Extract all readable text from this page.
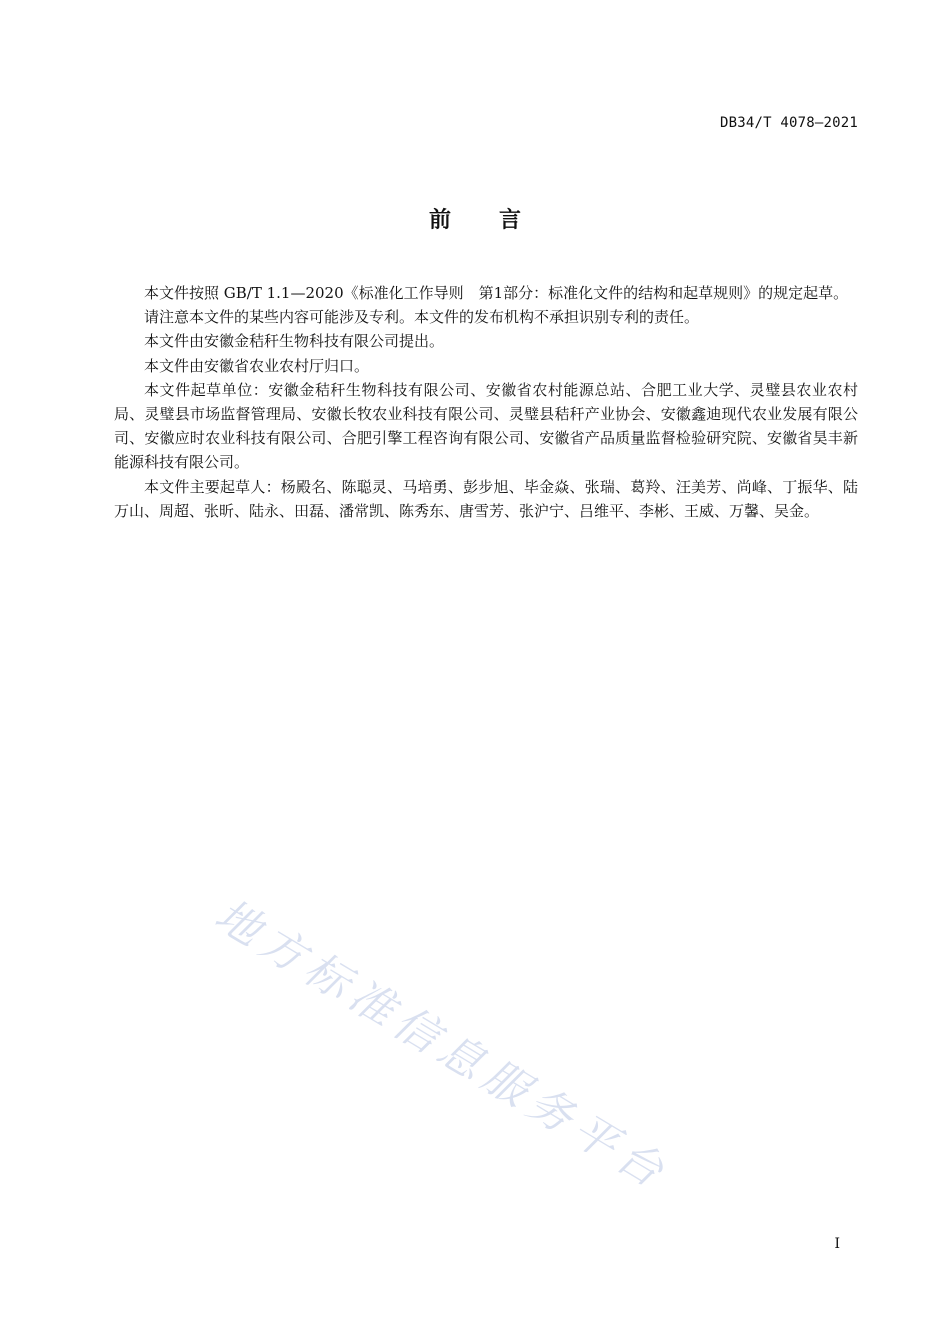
DB34/T 4078—2021
前言

本文件按照 GB/T 1.1—2020《标准化工作导则　第1部分：标准化文件的结构和起草规则》的规定起草。

请注意本文件的某些内容可能涉及专利。本文件的发布机构不承担识别专利的责任。

本文件由安徽金秸秆生物科技有限公司提出。

本文件由安徽省农业农村厅归口。

本文件起草单位：安徽金秸秆生物科技有限公司、安徽省农村能源总站、合肥工业大学、灵璧县农业农村局、灵璧县市场监督管理局、安徽长牧农业科技有限公司、灵璧县秸秆产业协会、安徽鑫迪现代农业发展有限公司、安徽应时农业科技有限公司、合肥引擎工程咨询有限公司、安徽省产品质量监督检验研究院、安徽省昊丰新能源科技有限公司。

本文件主要起草人：杨殿名、陈聪灵、马培勇、彭步旭、毕金焱、张瑞、葛羚、汪美芳、尚峰、丁振华、陆万山、周超、张昕、陆永、田磊、潘常凯、陈秀东、唐雪芳、张沪宁、吕维平、李彬、王威、万馨、吴金。

地方标准信息服务平台
I
